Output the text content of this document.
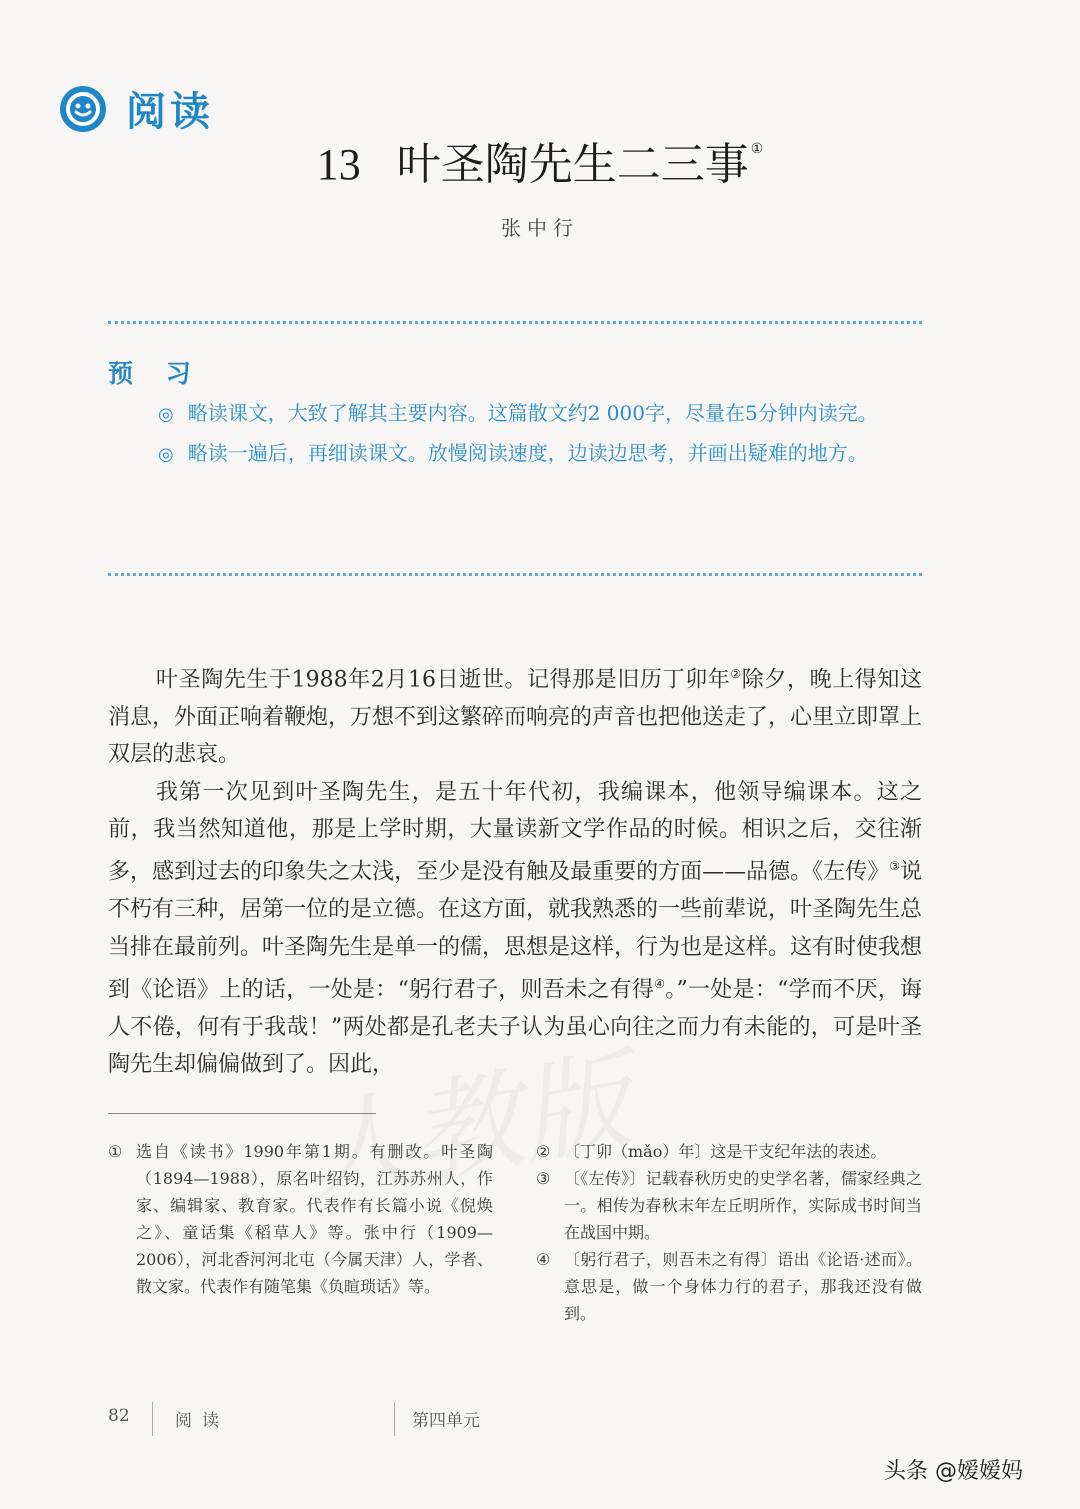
阅读
13 叶圣陶先生二三事 ①
张中行
预 习

◎ 略读课文，大致了解其主要内容。这篇散文约2 000字，尽量在5分钟内读完。

◎ 略读一遍后，再细读课文。放慢阅读速度，边读边思考，并画出疑难的地方。

叶圣陶先生于1988年2月16日逝世。记得那是旧历丁卯年②除夕，晚上得知这消息，外面正响着鞭炮，万想不到这繁碎而响亮的声音也把他送走了，心里立即罩上双层的悲哀。

我第一次见到叶圣陶先生，是五十年代初，我编课本，他领导编课本。这之前，我当然知道他，那是上学时期，大量读新文学作品的时候。相识之后，交往渐多，感到过去的印象失之太浅，至少是没有触及最重要的方面——品德。《左传》③说不朽有三种，居第一位的是立德。在这方面，就我熟悉的一些前辈说，叶圣陶先生总当排在最前列。叶圣陶先生是单一的儒，思想是这样，行为也是这样。这有时使我想到《论语》上的话，一处是：“躬行君子，则吾未之有得④。”一处是：“学而不厌，诲人不倦，何有于我哉！”两处都是孔老夫子认为虽心向往之而力有未能的，可是叶圣陶先生却偏偏做到了。因此，

① 选自《读书》1990年第1期。有删改。叶圣陶（1894—1988），原名叶绍钧，江苏苏州人，作家、编辑家、教育家。代表作有长篇小说《倪焕之》、童话集《稻草人》等。张中行（1909—2006），河北香河河北屯（今属天津）人，学者、散文家。代表作有随笔集《负暄琐话》等。
② 〔丁卯（mǎo）年〕这是干支纪年法的表述。
③ 〔《左传》〕记载春秋历史的史学名著，儒家经典之一。相传为春秋末年左丘明所作，实际成书时间当在战国中期。
④ 〔躬行君子，则吾未之有得〕语出《论语·述而》。意思是，做一个身体力行的君子，那我还没有做到。
82	阅读	第四单元
头条 @嫒嫒妈
